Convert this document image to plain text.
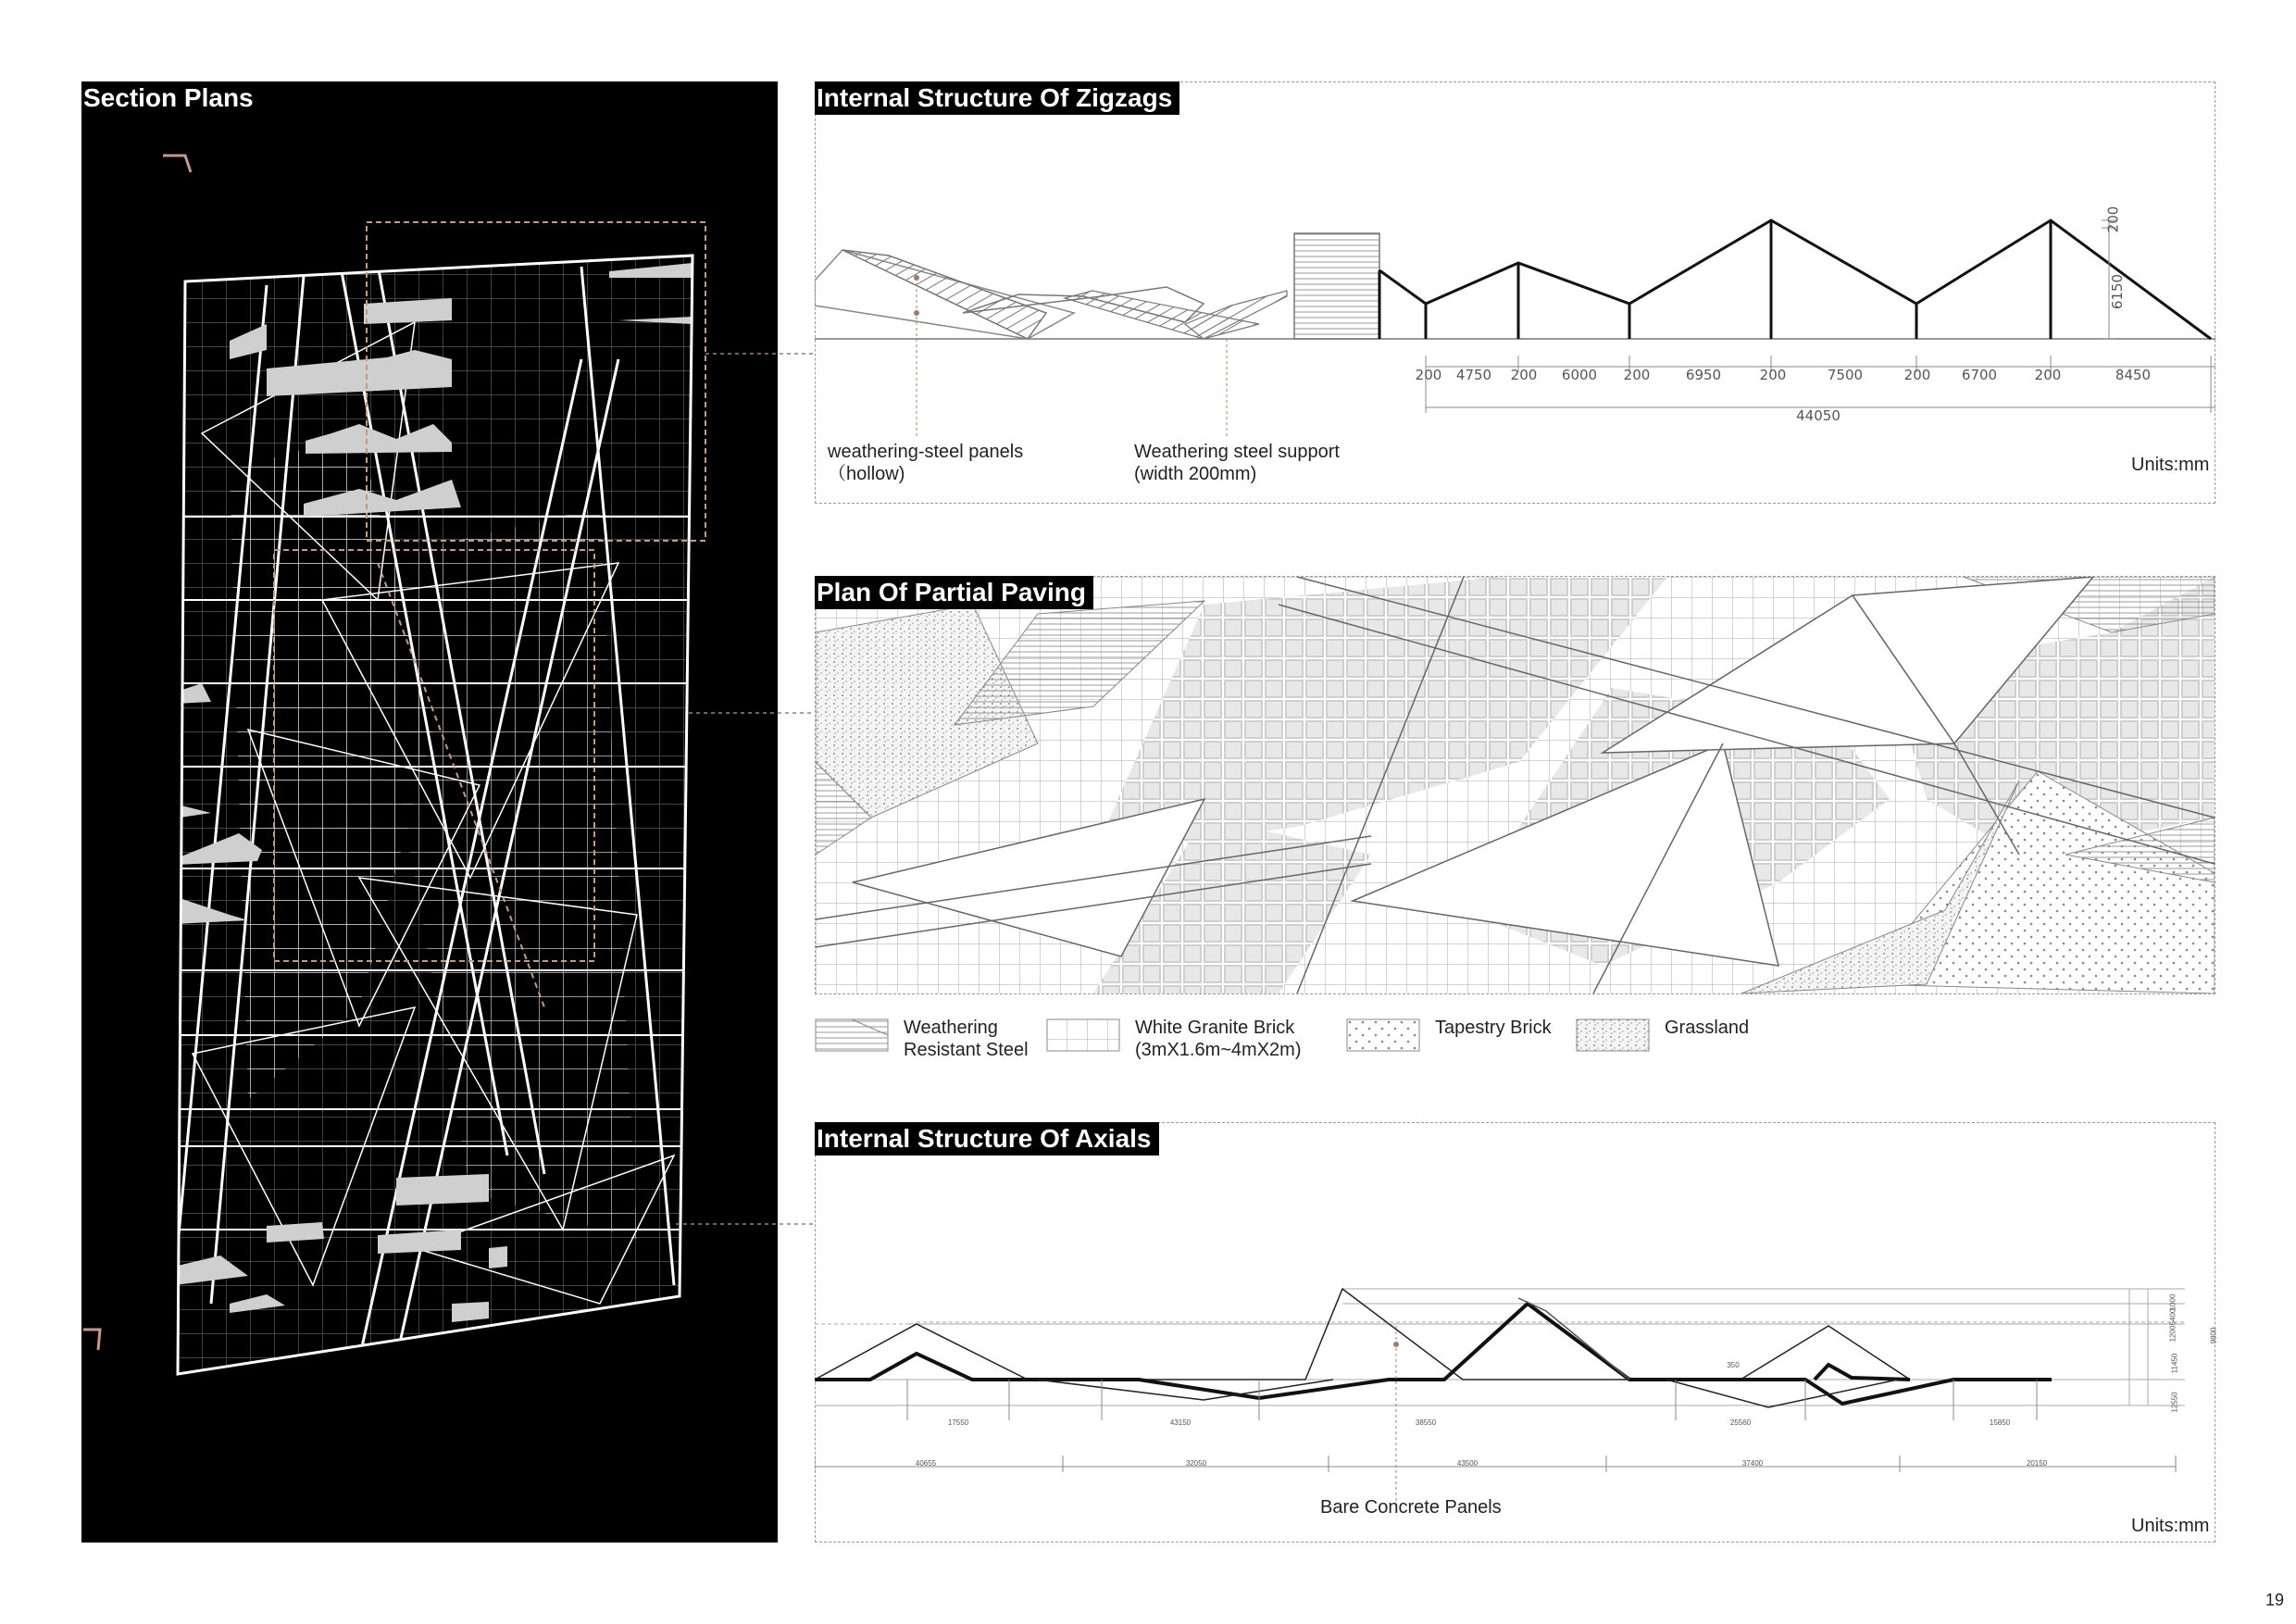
Section Plans	Internal Structure Of Zigzags
200
6150
200 4750 200 6000 200	6950	200	7500	200 6700	200	8450
44050
weathering-steel panels
（hollow)
Weathering steel support
(width 200mm)	Units:mm
Plan Of Partial Paving
Weathering
Resistant Steel
White Granite Brick
(3mX1.6m~4mX2m)
Tapestry Brick	Grassland
Internal Structure Of Axials
17550	43150	38550	25560	15850
40655	32050	43500	37400	20150
350
9800
1000
5400
1200
11450
12550
Bare Concrete Panels
Units:mm
19
